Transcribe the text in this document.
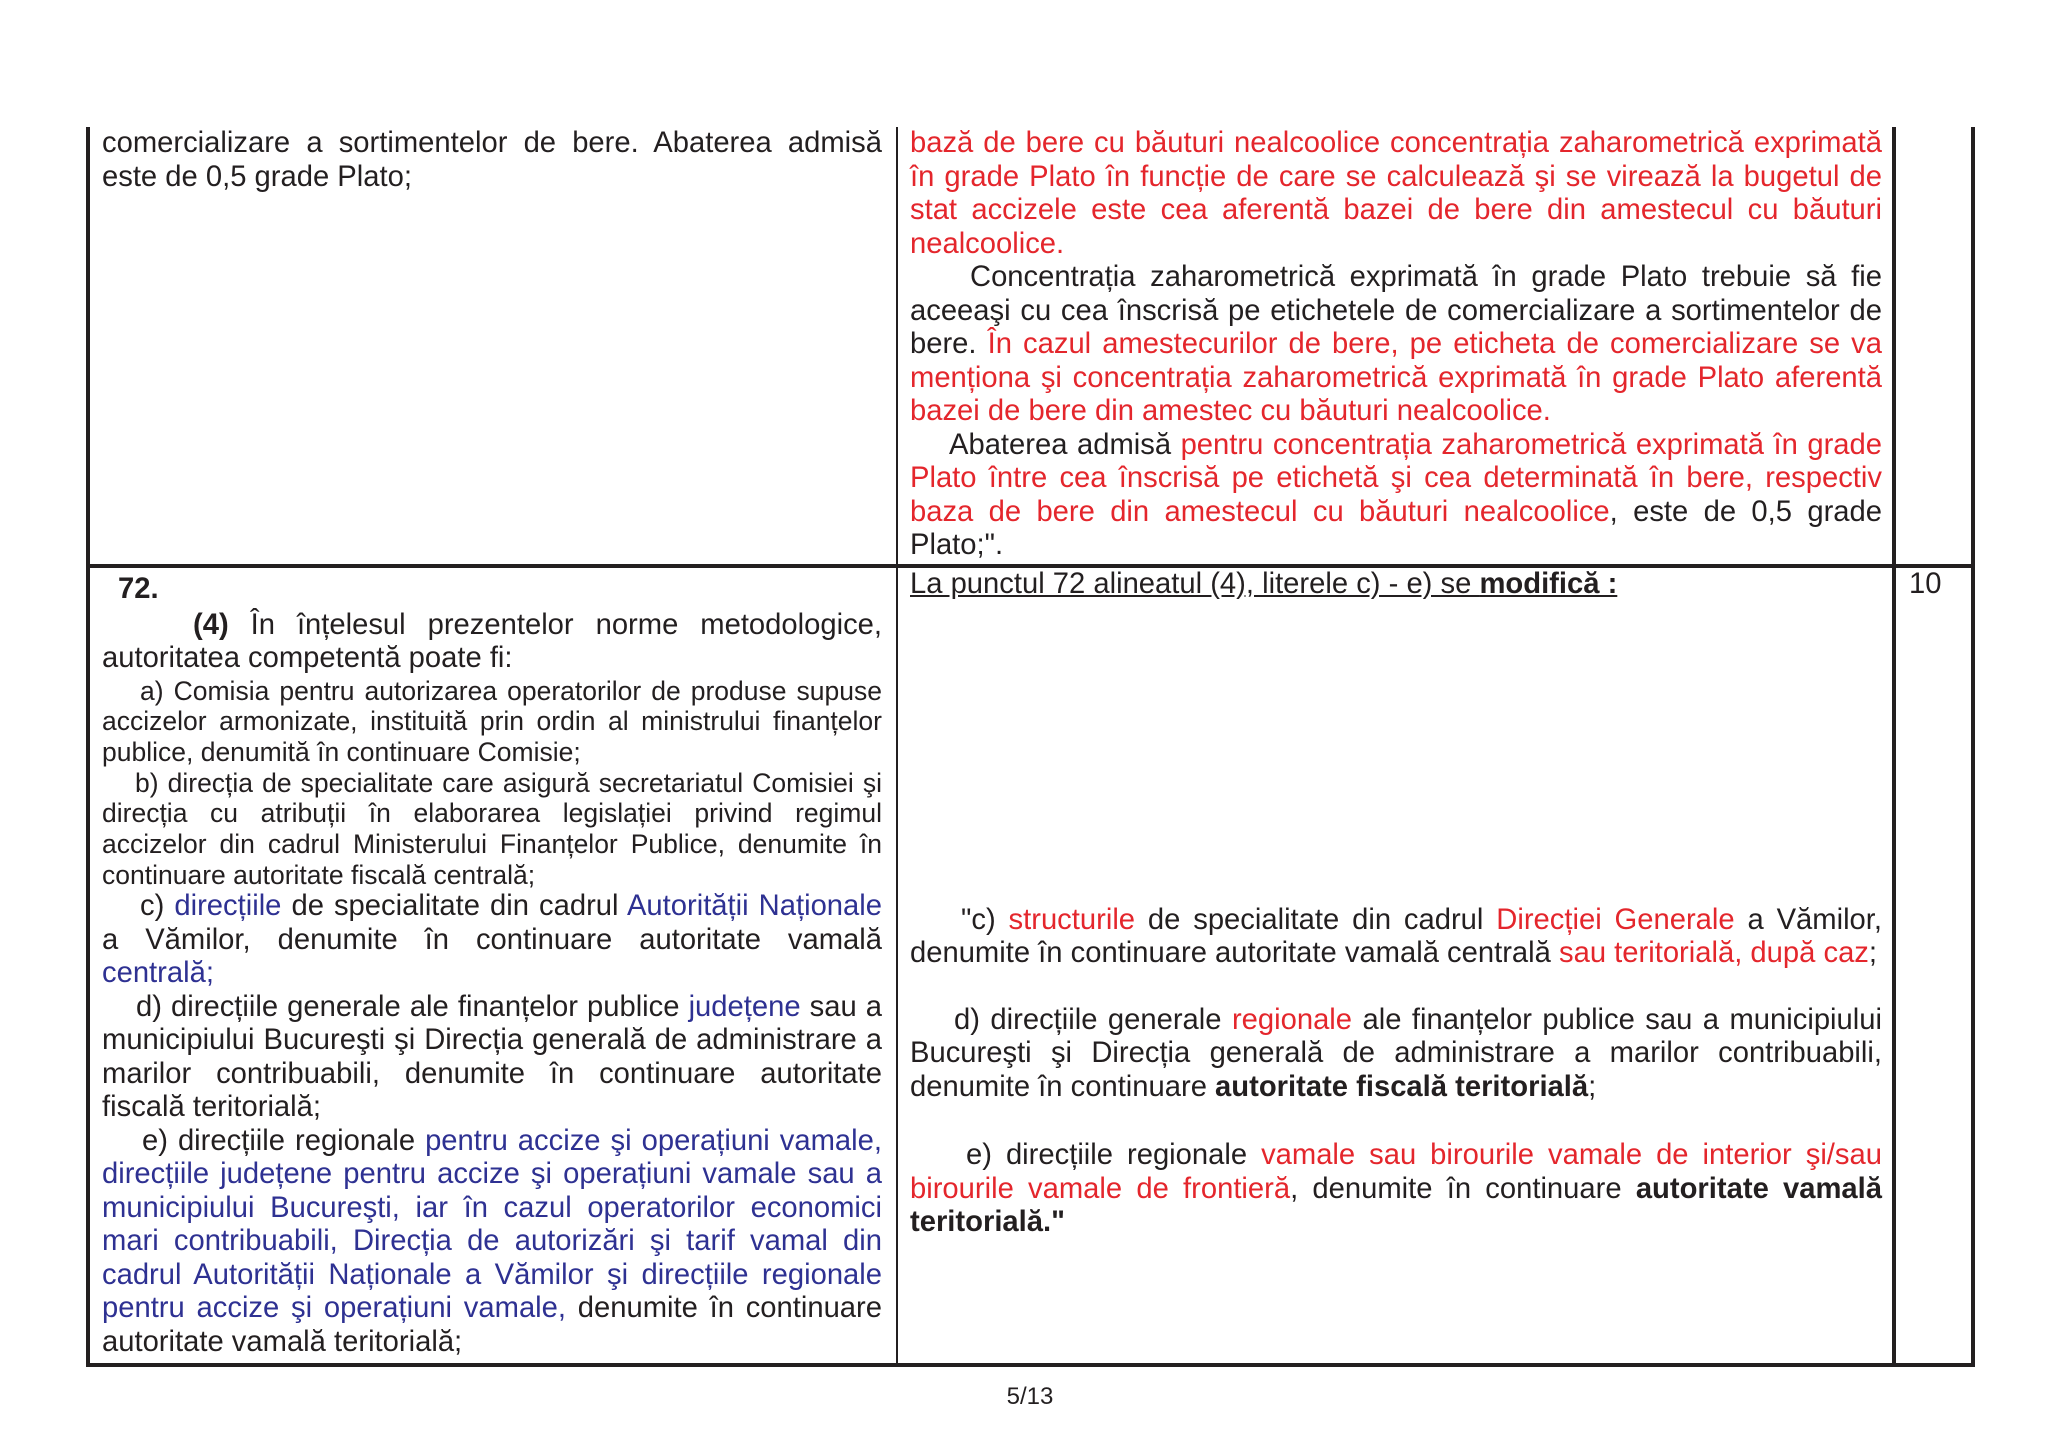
comercializare a sortimentelor de bere. Abaterea admisă este de 0,5 grade Plato;

bază de bere cu băuturi nealcoolice concentrația zaharometrică exprimată în grade Plato în funcție de care se calculează şi se virează la bugetul de stat accizele este cea aferentă bazei de bere din amestecul cu băuturi nealcoolice.

Concentrația zaharometrică exprimată în grade Plato trebuie să fie aceeaşi cu cea înscrisă pe etichetele de comercializare a sortimentelor de bere. În cazul amestecurilor de bere, pe eticheta de comercializare se va menționa şi concentrația zaharometrică exprimată în grade Plato aferentă bazei de bere din amestec cu băuturi nealcoolice.

Abaterea admisă pentru concentrația zaharometrică exprimată în grade Plato între cea înscrisă pe etichetă şi cea determinată în bere, respectiv baza de bere din amestecul cu băuturi nealcoolice, este de 0,5 grade Plato;".

72.

(4) În înțelesul prezentelor norme metodologice, autoritatea competentă poate fi:

a) Comisia pentru autorizarea operatorilor de produse supuse accizelor armonizate, instituită prin ordin al ministrului finanțelor publice, denumită în continuare Comisie;

b) direcția de specialitate care asigură secretariatul Comisiei şi direcția cu atribuții în elaborarea legislației privind regimul accizelor din cadrul Ministerului Finanțelor Publice, denumite în continuare autoritate fiscală centrală;

c) direcțiile de specialitate din cadrul Autorității Naționale a Vămilor, denumite în continuare autoritate vamală centrală;

d) direcțiile generale ale finanțelor publice județene sau a municipiului Bucureşti şi Direcția generală de administrare a marilor contribuabili, denumite în continuare autoritate fiscală teritorială;

e) direcțiile regionale pentru accize şi operațiuni vamale, direcțiile județene pentru accize şi operațiuni vamale sau a municipiului Bucureşti, iar în cazul operatorilor economici mari contribuabili, Direcția de autorizări şi tarif vamal din cadrul Autorității Naționale a Vămilor şi direcțiile regionale pentru accize şi operațiuni vamale, denumite în continuare autoritate vamală teritorială;

La punctul 72 alineatul (4), literele c) - e) se modifică :

"c) structurile de specialitate din cadrul Direcției Generale a Vămilor, denumite în continuare autoritate vamală centrală sau teritorială, după caz;

d) direcțiile generale regionale ale finanțelor publice sau a municipiului Bucureşti şi Direcția generală de administrare a marilor contribuabili, denumite în continuare autoritate fiscală teritorială;

e) direcțiile regionale vamale sau birourile vamale de interior şi/sau birourile vamale de frontieră, denumite în continuare autoritate vamală teritorială."

10
5/13
